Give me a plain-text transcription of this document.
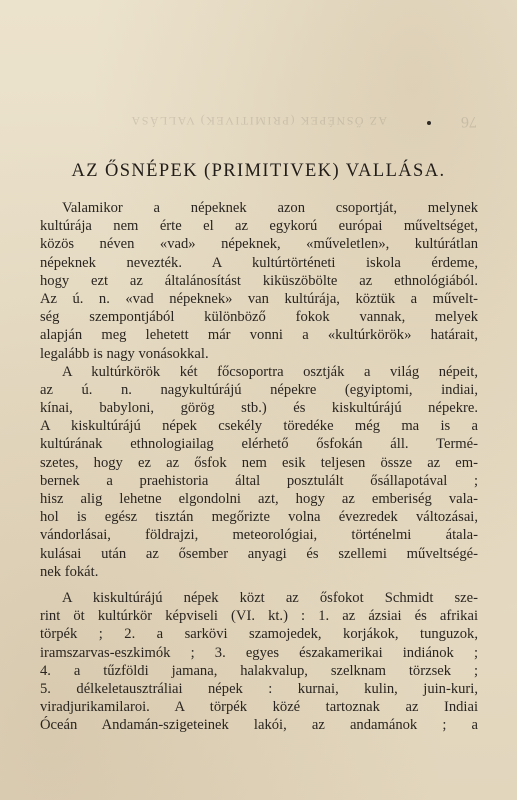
76
AZ ŐSNÉPEK (PRIMITIVEK) VALLÁSA
AZ ŐSNÉPEK (PRIMITIVEK) VALLÁSA.
Valamikor a népeknek azon csoportját, melynek
kultúrája nem érte el az egykorú európai műveltséget,
közös néven «vad» népeknek, «műveletlen», kultúrátlan
népeknek nevezték. A kultúrtörténeti iskola érdeme,
hogy ezt az általánosítást kiküszöbölte az ethnológiából.
Az ú. n. «vad népeknek» van kultúrája, köztük a művelt-
ség szempontjából különböző fokok vannak, melyek
alapján meg lehetett már vonni a «kultúrkörök» határait,
legalább is nagy vonásokkal.
A kultúrkörök két főcsoportra osztják a világ népeit,
az ú. n. nagykultúrájú népekre (egyiptomi, indiai,
kínai, babyloni, görög stb.) és kiskultúrájú népekre.
A kiskultúrájú népek csekély töredéke még ma is a
kultúrának ethnologiailag elérhető ősfokán áll. Termé-
szetes, hogy ez az ősfok nem esik teljesen össze az em-
bernek a praehistoria által posztulált ősállapotával ;
hisz alig lehetne elgondolni azt, hogy az emberiség vala-
hol is egész tisztán megőrizte volna évezredek változásai,
vándorlásai, földrajzi, meteorológiai, történelmi átala-
kulásai után az ősember anyagi és szellemi műveltségé-
nek fokát.
A kiskultúrájú népek közt az ősfokot Schmidt sze-
rint öt kultúrkör képviseli (VI. kt.) : 1. az ázsiai és afrikai
törpék ; 2. a sarkövi szamojedek, korjákok, tunguzok,
iramszarvas-eszkimók ; 3. egyes északamerikai indiánok ;
4. a tűzföldi jamana, halakvalup, szelknam törzsek ;
5. délkeletausztráliai népek : kurnai, kulin, juin-kuri,
viradjurikamilaroi. A törpék közé tartoznak az Indiai
Óceán Andamán-szigeteinek lakói, az andamánok ; a
